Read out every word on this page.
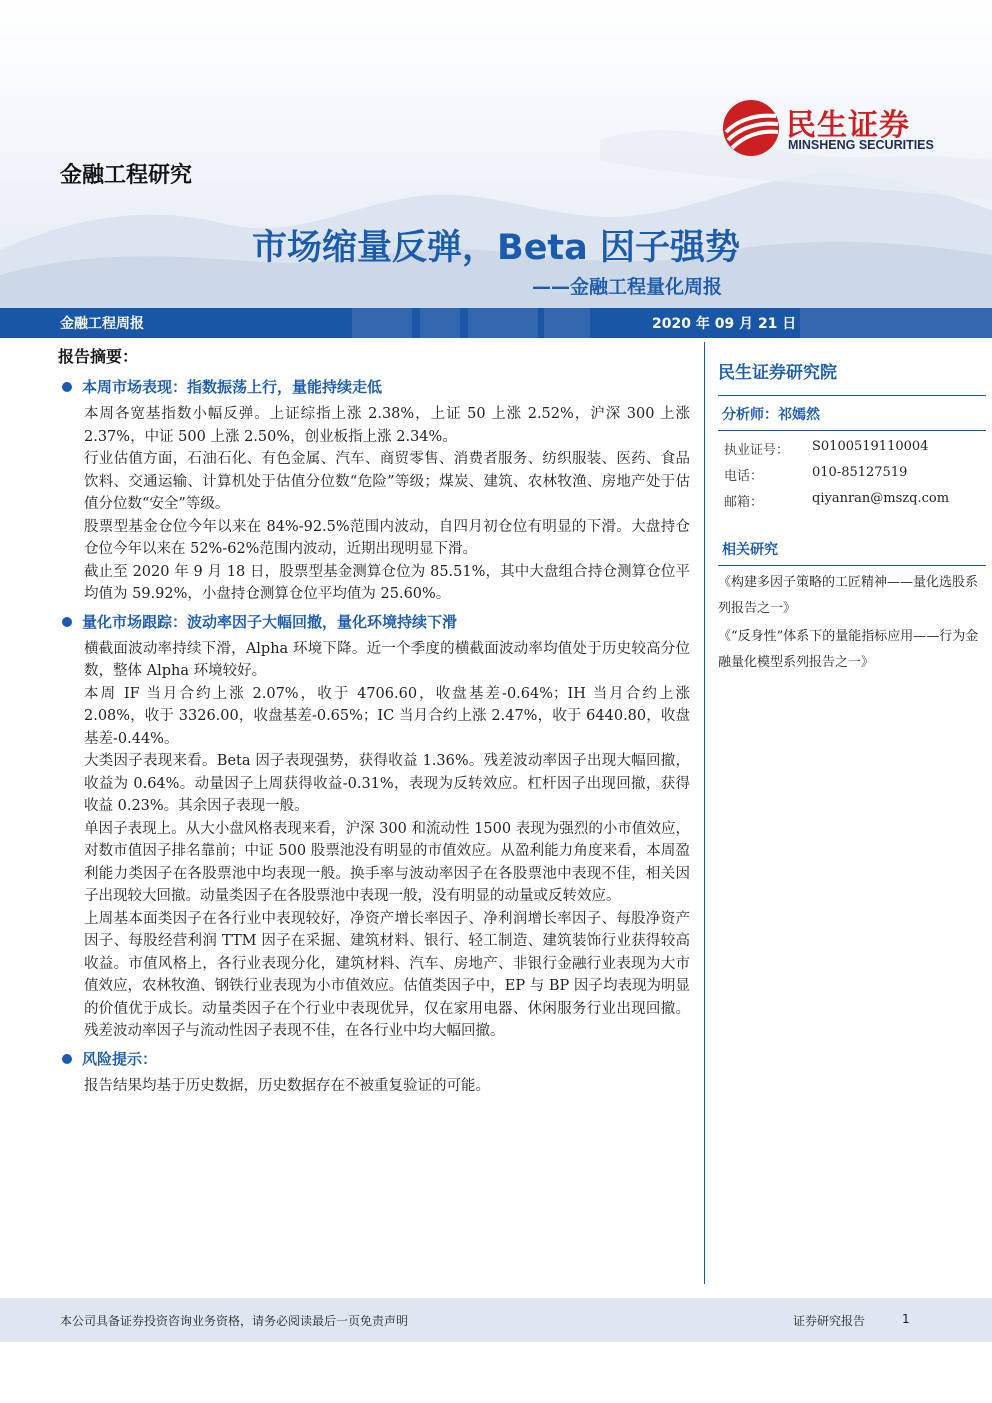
民生证券
MINSHENG SECURITIES
金融工程研究
市场缩量反弹，Beta 因子强势
——金融工程量化周报
金融工程周报	2020 年 09 月 21 日
报告摘要：
本周市场表现：指数振荡上行，量能持续走低

本周各宽基指数小幅反弹。上证综指上涨 2.38%，上证 50 上涨 2.52%，沪深 300 上涨 2.37%，中证 500 上涨 2.50%，创业板指上涨 2.34%。

行业估值方面，石油石化、有色金属、汽车、商贸零售、消费者服务、纺织服装、医药、食品饮料、交通运输、计算机处于估值分位数“危险”等级；煤炭、建筑、农林牧渔、房地产处于估值分位数“安全”等级。

股票型基金仓位今年以来在 84%-92.5%范围内波动，自四月初仓位有明显的下滑。大盘持仓仓位今年以来在 52%-62%范围内波动，近期出现明显下滑。

截止至 2020 年 9 月 18 日，股票型基金测算仓位为 85.51%，其中大盘组合持仓测算仓位平均值为 59.92%，小盘持仓测算仓位平均值为 25.60%。

量化市场跟踪：波动率因子大幅回撤，量化环境持续下滑

横截面波动率持续下滑，Alpha 环境下降。近一个季度的横截面波动率均值处于历史较高分位数，整体 Alpha 环境较好。

本周 IF 当月合约上涨 2.07%，收于 4706.60，收盘基差-0.64%；IH 当月合约上涨 2.08%，收于 3326.00，收盘基差-0.65%；IC 当月合约上涨 2.47%，收于 6440.80，收盘基差-0.44%。

大类因子表现来看。Beta 因子表现强势，获得收益 1.36%。残差波动率因子出现大幅回撤，收益为 0.64%。动量因子上周获得收益-0.31%，表现为反转效应。杠杆因子出现回撤，获得收益 0.23%。其余因子表现一般。

单因子表现上。从大小盘风格表现来看，沪深 300 和流动性 1500 表现为强烈的小市值效应，对数市值因子排名靠前；中证 500 股票池没有明显的市值效应。从盈利能力角度来看，本周盈利能力类因子在各股票池中均表现一般。换手率与波动率因子在各股票池中表现不佳，相关因子出现较大回撤。动量类因子在各股票池中表现一般，没有明显的动量或反转效应。

上周基本面类因子在各行业中表现较好，净资产增长率因子、净利润增长率因子、每股净资产因子、每股经营利润 TTM 因子在采掘、建筑材料、银行、轻工制造、建筑装饰行业获得较高收益。市值风格上，各行业表现分化，建筑材料、汽车、房地产、非银行金融行业表现为大市值效应，农林牧渔、钢铁行业表现为小市值效应。估值类因子中，EP 与 BP 因子均表现为明显的价值优于成长。动量类因子在个行业中表现优异，仅在家用电器、休闲服务行业出现回撤。残差波动率因子与流动性因子表现不佳，在各行业中均大幅回撤。

风险提示：

报告结果均基于历史数据，历史数据存在不被重复验证的可能。

民生证券研究院
分析师：祁嫣然
执业证号： S0100519110004
电话：	010-85127519
邮箱：	qiyanran@mszq.com
相关研究
《构建多因子策略的工匠精神——量化选股系列报告之一》
《“反身性”体系下的量能指标应用——行为金融量化模型系列报告之一》
本公司具备证券投资咨询业务资格，请务必阅读最后一页免责声明	证券研究报告	1
